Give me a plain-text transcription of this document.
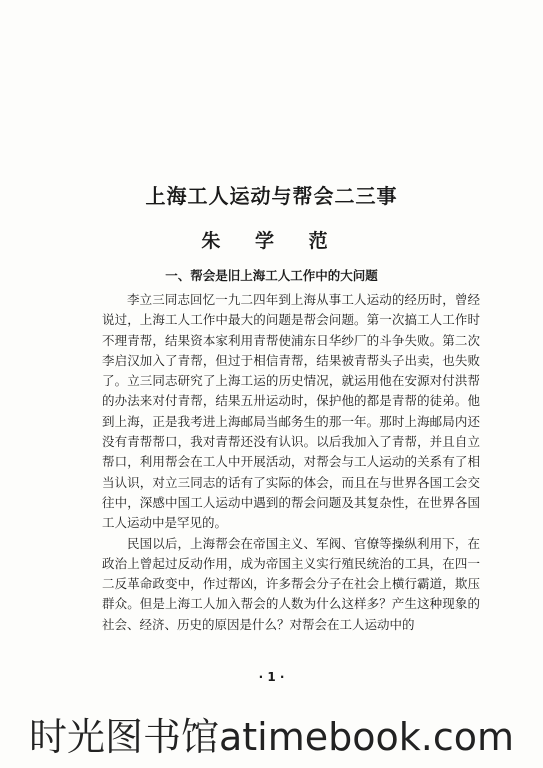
上海工人运动与帮会二三事
朱 学 范
一、帮会是旧上海工人工作中的大问题

李立三同志回忆一九二四年到上海从事工人运动的经历时，曾经说过，上海工人工作中最大的问题是帮会问题。第一次搞工人工作时不理青帮，结果资本家利用青帮使浦东日华纱厂的斗争失败。第二次李启汉加入了青帮，但过于相信青帮，结果被青帮头子出卖，也失败了。立三同志研究了上海工运的历史情况，就运用他在安源对付洪帮的办法来对付青帮，结果五卅运动时，保护他的都是青帮的徒弟。他到上海，正是我考进上海邮局当邮务生的那一年。那时上海邮局内还没有青帮帮口，我对青帮还没有认识。以后我加入了青帮，并且自立帮口，利用帮会在工人中开展活动，对帮会与工人运动的关系有了相当认识，对立三同志的话有了实际的体会，而且在与世界各国工会交往中，深感中国工人运动中遇到的帮会问题及其复杂性，在世界各国工人运动中是罕见的。

民国以后，上海帮会在帝国主义、军阀、官僚等操纵利用下，在政治上曾起过反动作用，成为帝国主义实行殖民统治的工具，在四一二反革命政变中，作过帮凶，许多帮会分子在社会上横行霸道，欺压群众。但是上海工人加入帮会的人数为什么这样多？产生这种现象的社会、经济、历史的原因是什么？对帮会在工人运动中的

· 1 ·
时光图书馆atimebook.com
